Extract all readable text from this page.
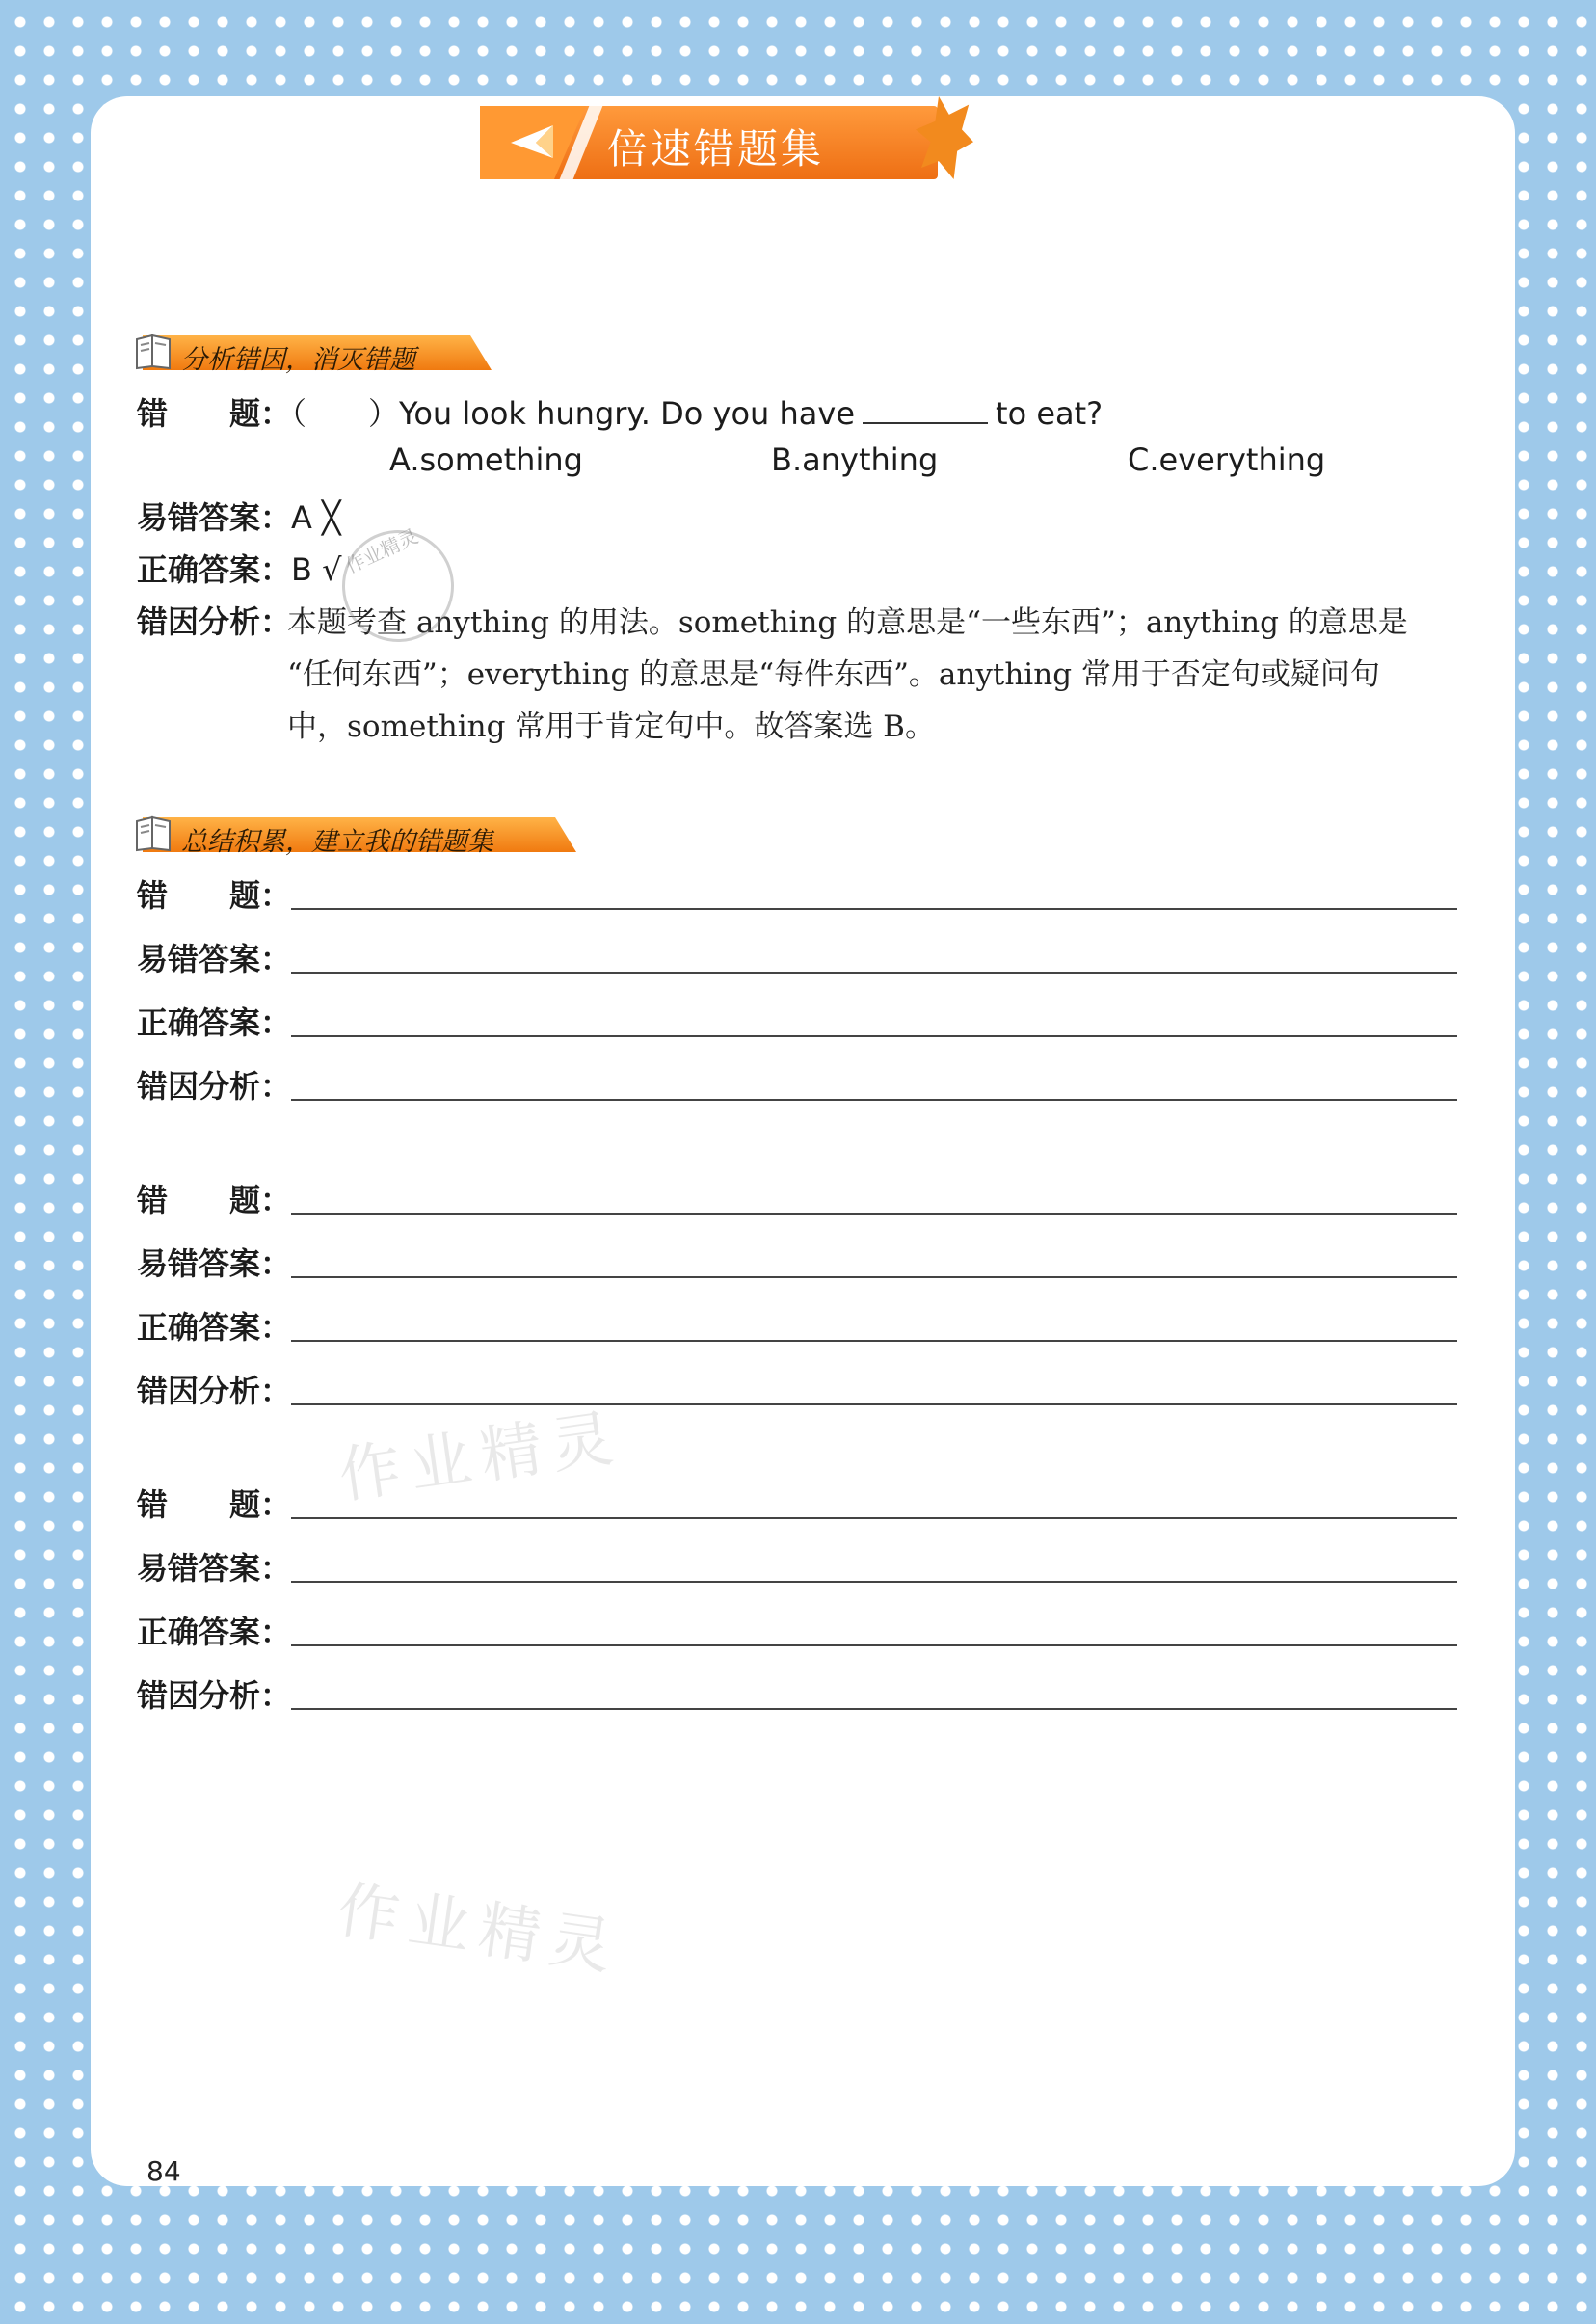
倍速错题集
分析错因，消灭错题
错　　题：（　　）You look hungry. Do you have	to eat?
A.something	B.anything	C.everything
易错答案：A ╳
正确答案：B √
错因分析：
本题考查 anything 的用法。something 的意思是“一些东西”；anything 的意思是
“任何东西”；everything 的意思是“每件东西”。anything 常用于否定句或疑问句
中，something 常用于肯定句中。故答案选 B。
作业精灵
总结积累，建立我的错题集
错　　题：
易错答案：
正确答案：
错因分析：
错　　题：
易错答案：
正确答案：
错因分析：
错　　题：
易错答案：
正确答案：
错因分析：
作业精灵
作业精灵
84
